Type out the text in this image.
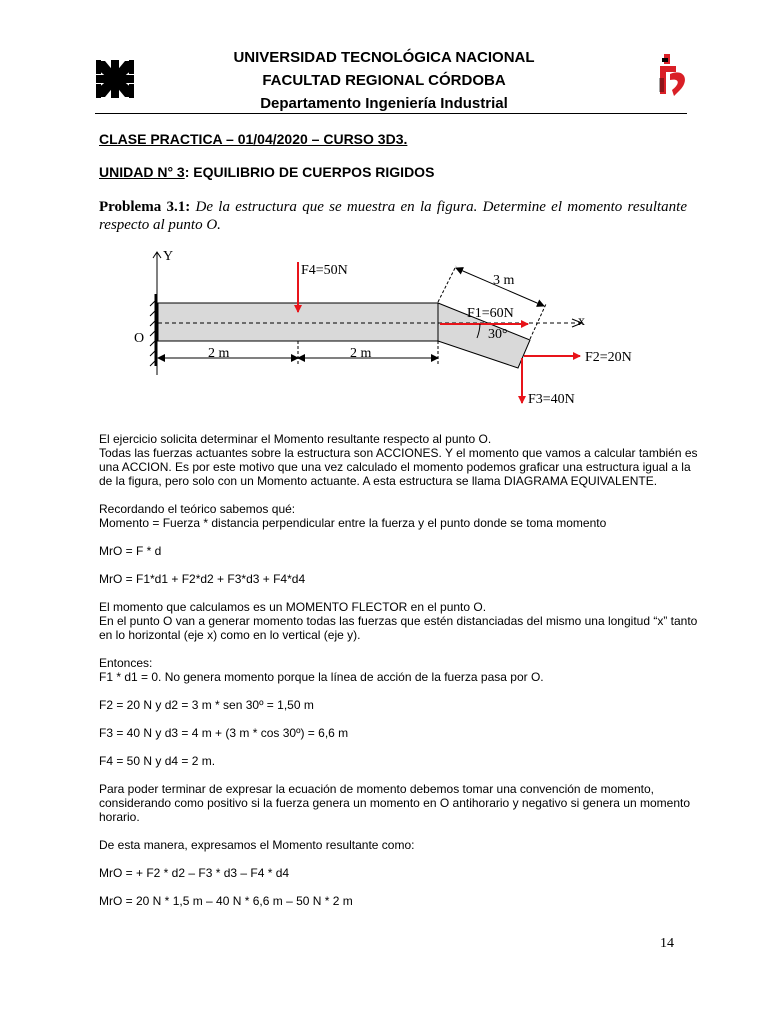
UNIVERSIDAD TECNOLÓGICA NACIONAL
FACULTAD REGIONAL CÓRDOBA
Departamento Ingeniería Industrial
CLASE PRACTICA – 01/04/2020 – CURSO 3D3.
UNIDAD N° 3: EQUILIBRIO DE CUERPOS RIGIDOS
Problema 3.1: De la estructura que se muestra en la figura. Determine el momento resultante respecto al punto O.
Y
O
x
F4=50N
3 m
F1=60N
30°
F2=20N
F3=40N
2 m	2 m

El ejercicio solicita determinar el Momento resultante respecto al punto O.
Todas las fuerzas actuantes sobre la estructura son ACCIONES. Y el momento que vamos a calcular también es una ACCION. Es por este motivo que una vez calculado el momento podemos graficar una estructura igual a la de la figura, pero solo con un Momento actuante. A esta estructura se llama DIAGRAMA EQUIVALENTE.

Recordando el teórico sabemos qué:
Momento = Fuerza * distancia perpendicular entre la fuerza y el punto donde se toma momento

MrO = F * d

MrO = F1*d1 + F2*d2 + F3*d3 + F4*d4

El momento que calculamos es un MOMENTO FLECTOR en el punto O.
En el punto O van a generar momento todas las fuerzas que estén distanciadas del mismo una longitud “x” tanto en lo horizontal (eje x) como en lo vertical (eje y).

Entonces:
F1 * d1 = 0. No genera momento porque la línea de acción de la fuerza pasa por O.

F2 = 20 N y d2 = 3 m * sen 30º = 1,50 m

F3 = 40 N y d3 = 4 m + (3 m * cos 30º) = 6,6 m

F4 = 50 N y d4 = 2 m.

Para poder terminar de expresar la ecuación de momento debemos tomar una convención de momento, considerando como positivo si la fuerza genera un momento en O antihorario y negativo si genera un momento horario.

De esta manera, expresamos el Momento resultante como:

MrO = + F2 * d2 – F3 * d3 – F4 * d4

MrO = 20 N * 1,5 m – 40 N * 6,6 m – 50 N * 2 m

14
